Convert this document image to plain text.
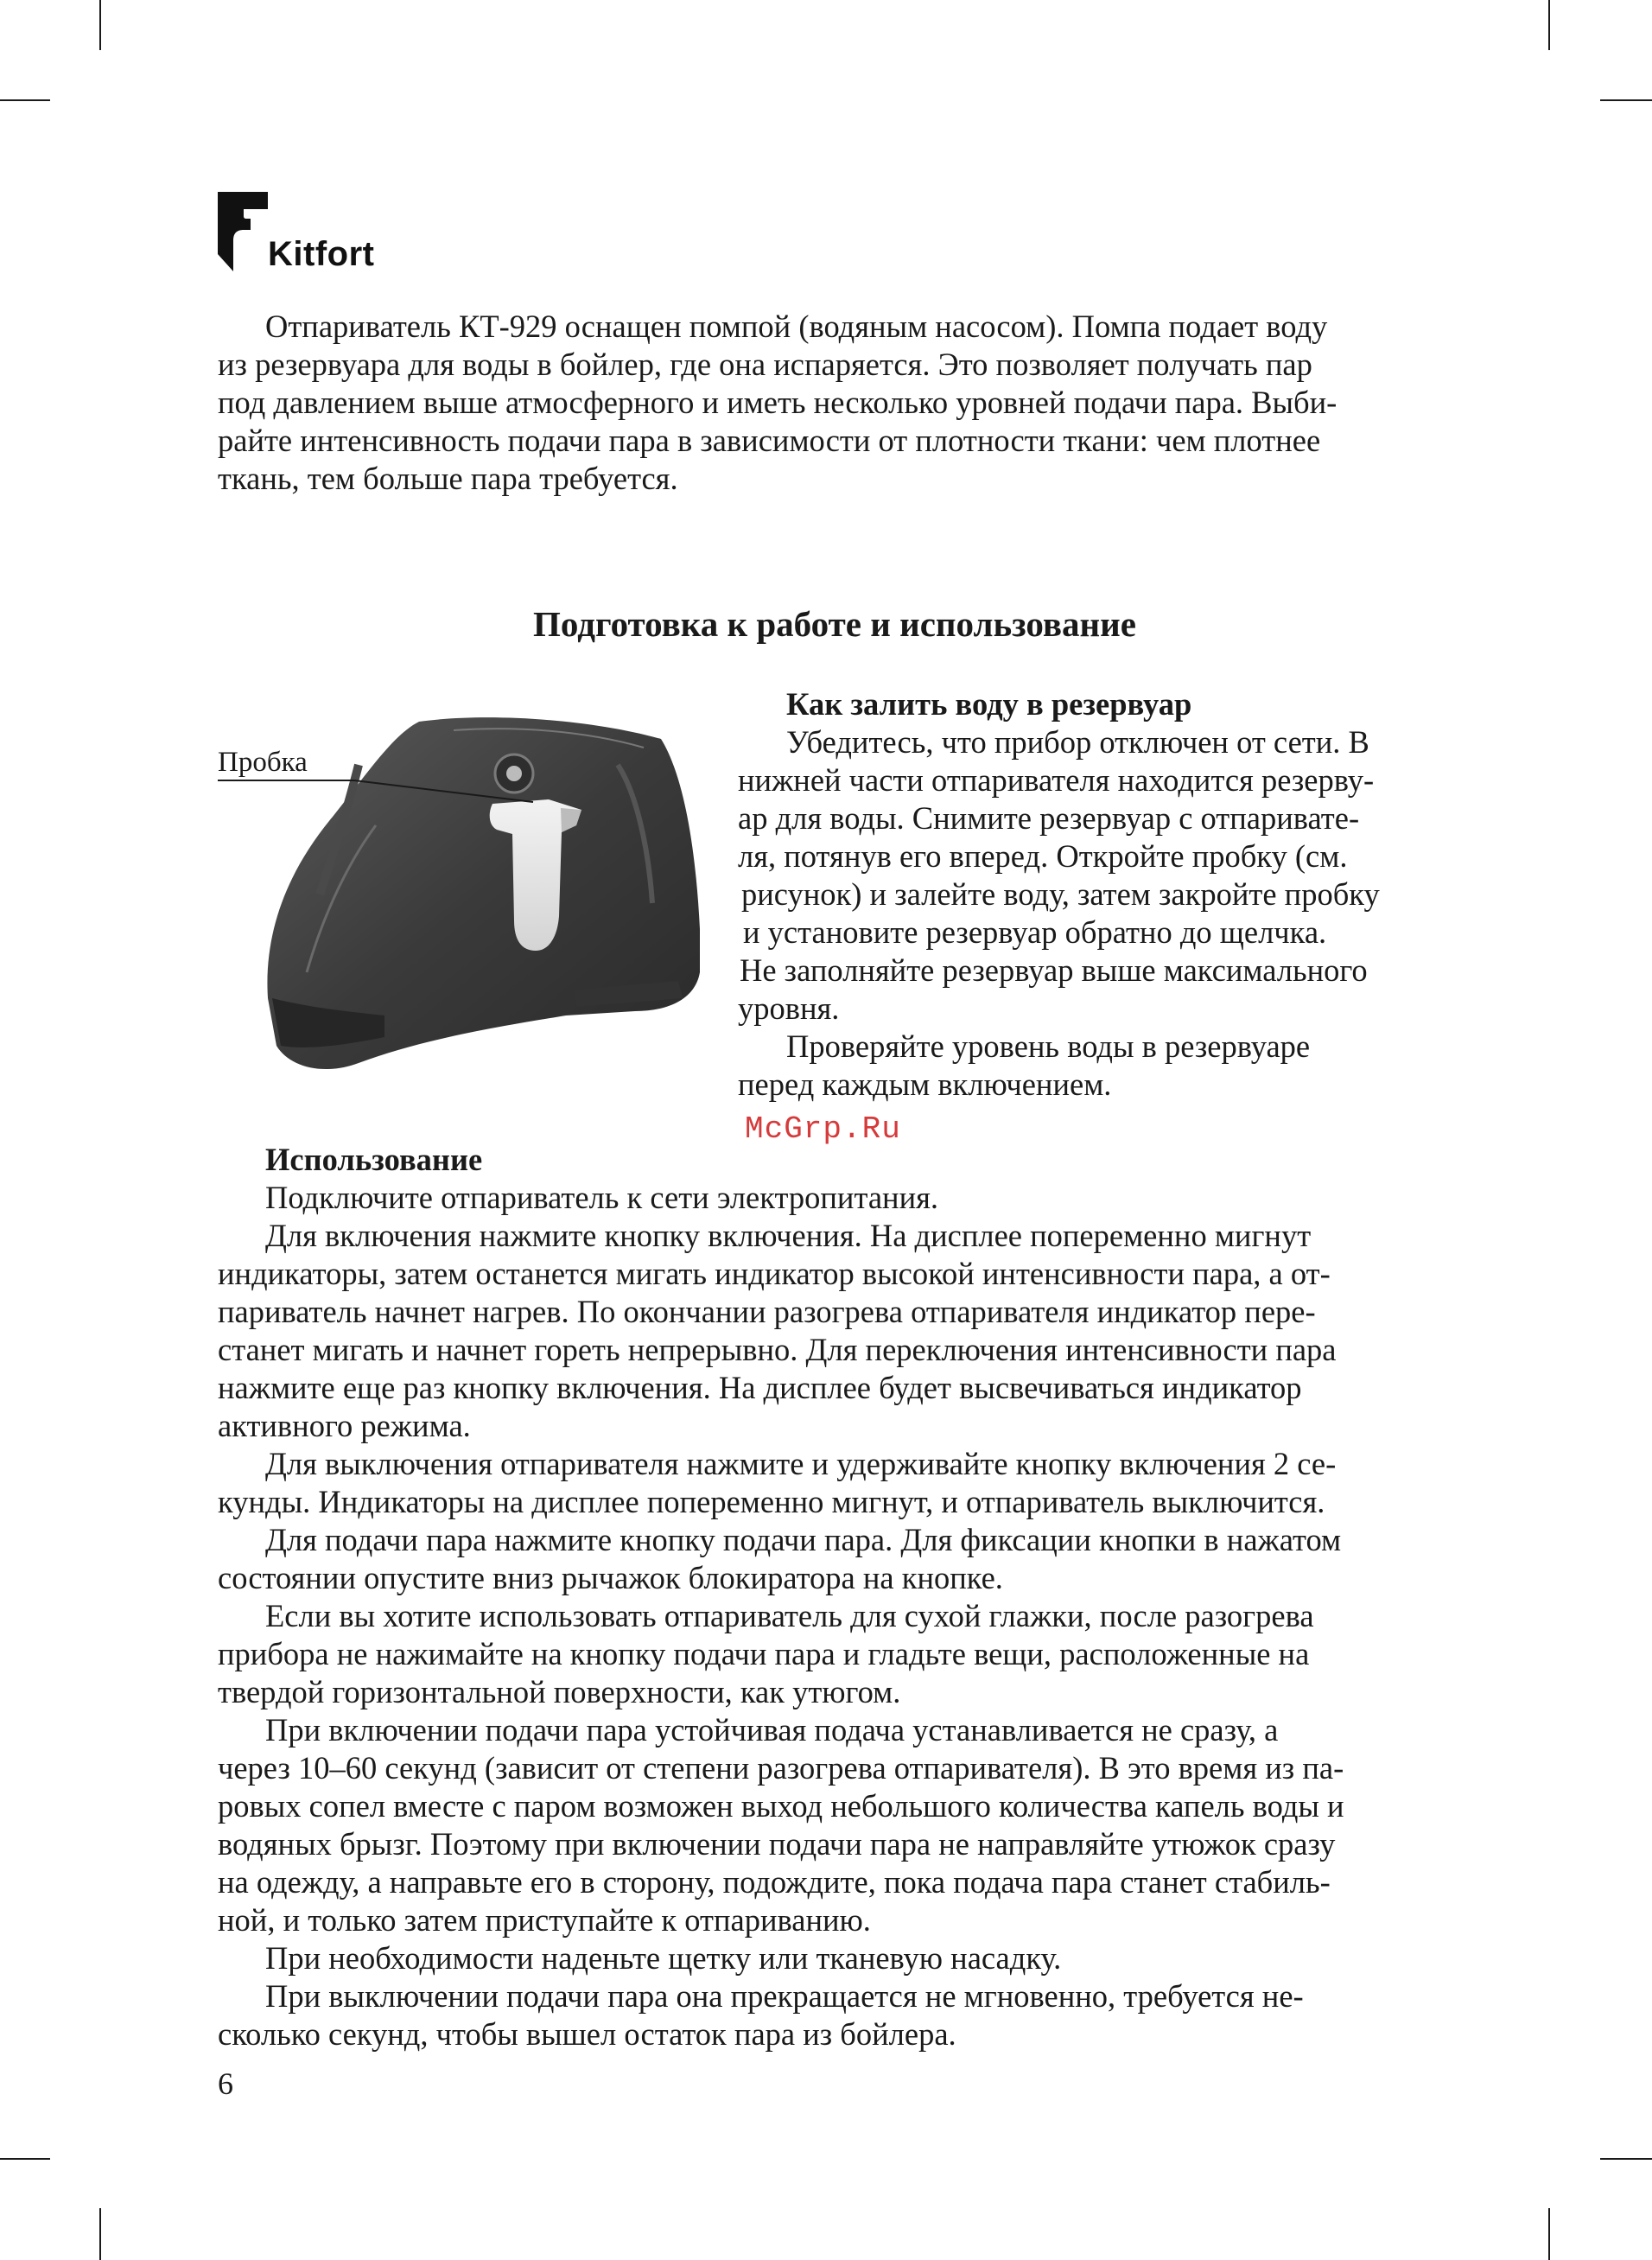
Kitfort

Отпариватель КТ-929 оснащен помпой (водяным насосом). Помпа подает воду

из резервуара для воды в бойлер, где она испаряется. Это позволяет получать пар

под давлением выше атмосферного и иметь несколько уровней подачи пара. Выби-

райте интенсивность подачи пара в зависимости от плотности ткани: чем плотнее

ткань, тем больше пара требуется.

Подготовка к работе и использование
Пробка
Как залить воду в резервуар

Убедитесь, что прибор отключен от сети. В

нижней части отпаривателя находится резерву-

ар для воды. Снимите резервуар с отпаривате-

ля, потянув его вперед. Откройте пробку (см.

рисунок) и залейте воду, затем закройте пробку

и установите резервуар обратно до щелчка.

Не заполняйте резервуар выше максимального

уровня.

Проверяйте уровень воды в резервуаре

перед каждым включением.

McGrp.Ru
Использование

Подключите отпариватель к сети электропитания.

Для включения нажмите кнопку включения. На дисплее попеременно мигнут

индикаторы, затем останется мигать индикатор высокой интенсивности пара, а от-

париватель начнет нагрев. По окончании разогрева отпаривателя индикатор пере-

станет мигать и начнет гореть непрерывно. Для переключения интенсивности пара

нажмите еще раз кнопку включения. На дисплее будет высвечиваться индикатор

активного режима.

Для выключения отпаривателя нажмите и удерживайте кнопку включения 2 се-

кунды. Индикаторы на дисплее попеременно мигнут, и отпариватель выключится.

Для подачи пара нажмите кнопку подачи пара. Для фиксации кнопки в нажатом

состоянии опустите вниз рычажок блокиратора на кнопке.

Если вы хотите использовать отпариватель для сухой глажки, после разогрева

прибора не нажимайте на кнопку подачи пара и гладьте вещи, расположенные на

твердой горизонтальной поверхности, как утюгом.

При включении подачи пара устойчивая подача устанавливается не сразу, а

через 10–60 секунд (зависит от степени разогрева отпаривателя). В это время из па-

ровых сопел вместе с паром возможен выход небольшого количества капель воды и

водяных брызг. Поэтому при включении подачи пара не направляйте утюжок сразу

на одежду, а направьте его в сторону, подождите, пока подача пара станет стабиль-

ной, и только затем приступайте к отпариванию.

При необходимости наденьте щетку или тканевую насадку.

При выключении подачи пара она прекращается не мгновенно, требуется не-

сколько секунд, чтобы вышел остаток пара из бойлера.

6
